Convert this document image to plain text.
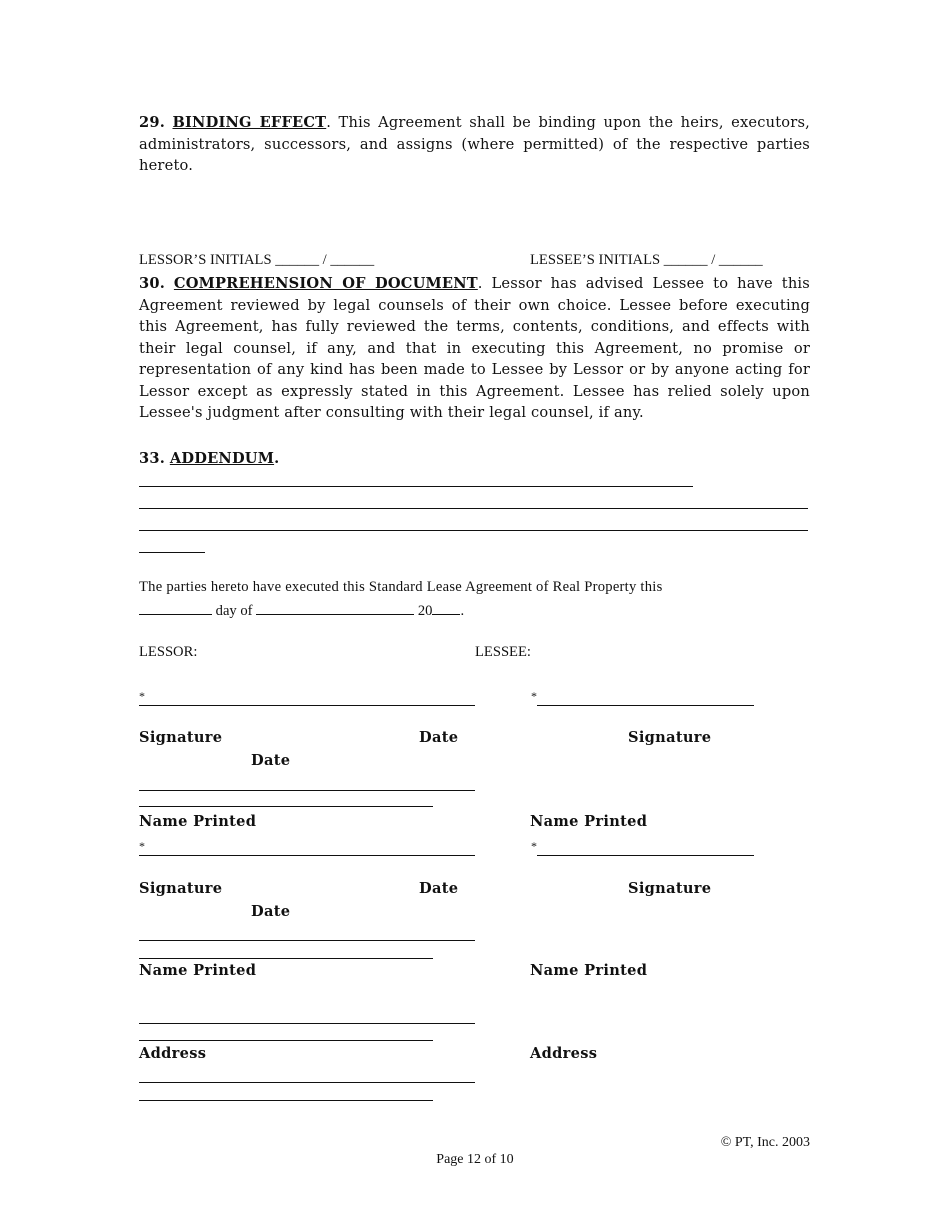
29. BINDING EFFECT. This Agreement shall be binding upon the heirs, executors, administrators, successors, and assigns (where permitted) of the respective parties hereto.
LESSOR’S INITIALS ______ / ______	LESSEE’S INITIALS ______ / ______
30. COMPREHENSION OF DOCUMENT. Lessor has advised Lessee to have this Agreement reviewed by legal counsels of their own choice. Lessee before executing this Agreement, has fully reviewed the terms, contents, conditions, and effects with their legal counsel, if any, and that in executing this Agreement, no promise or representation of any kind has been made to Lessee by Lessor or by anyone acting for Lessor except as expressly stated in this Agreement. Lessee has relied solely upon Lessee's judgment after consulting with their legal counsel, if any.
33. ADDENDUM.
The parties hereto have executed this Standard Lease Agreement of Real Property this
day of	20 .
LESSOR:	LESSEE:
*	*
Signature	Date	Signature
Date
Name Printed	Name Printed
*	*
Signature	Date	Signature
Date
Name Printed	Name Printed
Address	Address
© PT, Inc. 2003
Page 12 of 10
